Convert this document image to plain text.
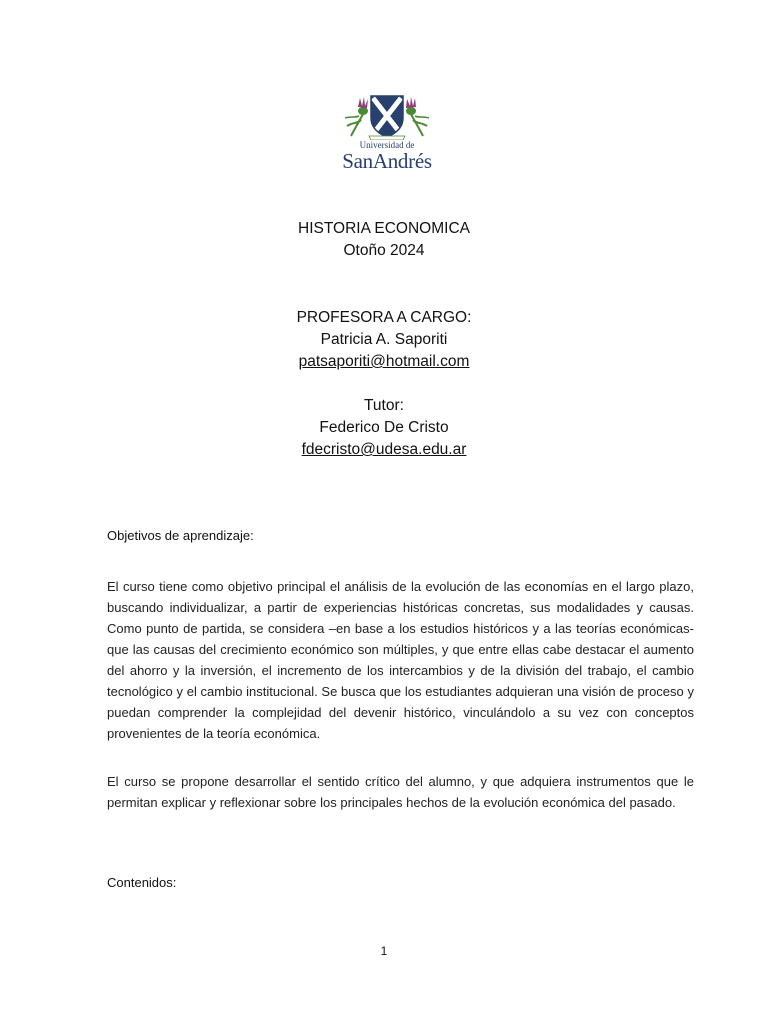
Universidad de
SanAndrés
HISTORIA ECONOMICA
Otoño 2024
PROFESORA A CARGO:
Patricia A. Saporiti
patsaporiti@hotmail.com
Tutor:
Federico De Cristo
fdecristo@udesa.edu.ar
Objetivos de aprendizaje:

El curso tiene como objetivo principal el análisis de la evolución de las economías en el largo plazo, buscando individualizar, a partir de experiencias históricas concretas, sus modalidades y causas. Como punto de partida, se considera –en base a los estudios históricos y a las teorías económicas- que las causas del crecimiento económico son múltiples, y que entre ellas cabe destacar el aumento del ahorro y la inversión, el incremento de los intercambios y de la división del trabajo, el cambio tecnológico y el cambio institucional. Se busca que los estudiantes adquieran una visión de proceso y puedan comprender la complejidad del devenir histórico, vinculándolo a su vez con conceptos provenientes de la teoría económica.

El curso se propone desarrollar el sentido crítico del alumno, y que adquiera instrumentos que le permitan explicar y reflexionar sobre los principales hechos de la evolución económica del pasado.

Contenidos:
1
